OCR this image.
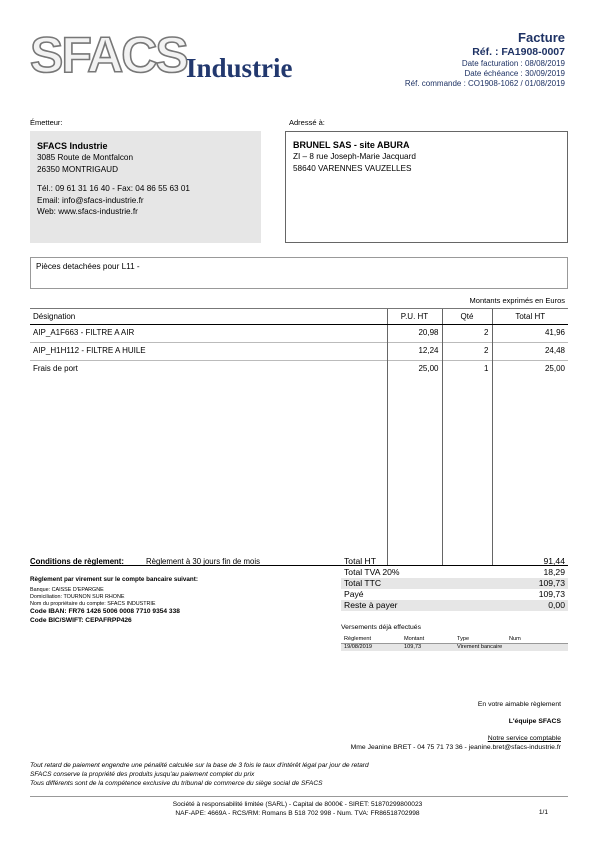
SFACS Industrie
Facture
Réf. : FA1908-0007
Date facturation : 08/08/2019
Date échéance : 30/09/2019
Réf. commande : CO1908-1062 / 01/08/2019
Émetteur:	Adressé à:
SFACS Industrie
3085 Route de Montfalcon
26350 MONTRIGAUD
Tél.: 09 61 31 16 40 - Fax: 04 86 55 63 01
Email: info@sfacs-industrie.fr
Web: www.sfacs-industrie.fr
BRUNEL SAS - site ABURA
ZI – 8 rue Joseph-Marie Jacquard
58640 VARENNES VAUZELLES
Pièces detachées pour L11 -
Montants exprimés en Euros
Désignation	P.U. HT	Qté	Total HT
AIP_A1F663 - FILTRE A AIR	20,98	2	41,96
AIP_H1H112 - FILTRE A HUILE	12,24	2	24,48
Frais de port	25,00	1	25,00

Conditions de règlement:	Règlement à 30 jours fin de mois
Règlement par virement sur le compte bancaire suivant:
Banque: CAISSE D'EPARGNE
Domiciliation: TOURNON SUR RHONE
Nom du propriétaire du compte: SFACS INDUSTRIE
Code IBAN: FR76 1426 5006 0008 7710 9354 338
Code BIC/SWIFT: CEPAFRPP426
Total HT	91,44
Total TVA 20%	18,29
Total TTC	109,73
Payé	109,73
Reste à payer	0,00
Versements déjà effectués
Règlement	Montant	Type	Num
19/08/2019	109,73	Virement bancaire	
En votre aimable règlement
L'équipe SFACS
Notre service comptable
Mme Jeanine BRET - 04 75 71 73 36 - jeanine.bret@sfacs-industrie.fr
Tout retard de paiement engendre une pénalité calculée sur la base de 3 fois le taux d'intérêt légal par jour de retard
SFACS conserve la propriété des produits jusqu'au paiement complet du prix
Tous différents sont de la compétence exclusive du tribunal de commerce du siège social de SFACS
Société à responsabilité limitée (SARL) - Capital de 8000€ - SIRET: 51870299800023
NAF-APE: 4669A - RCS/RM: Romans B 518 702 998 - Num. TVA: FR86518702998	1/1
